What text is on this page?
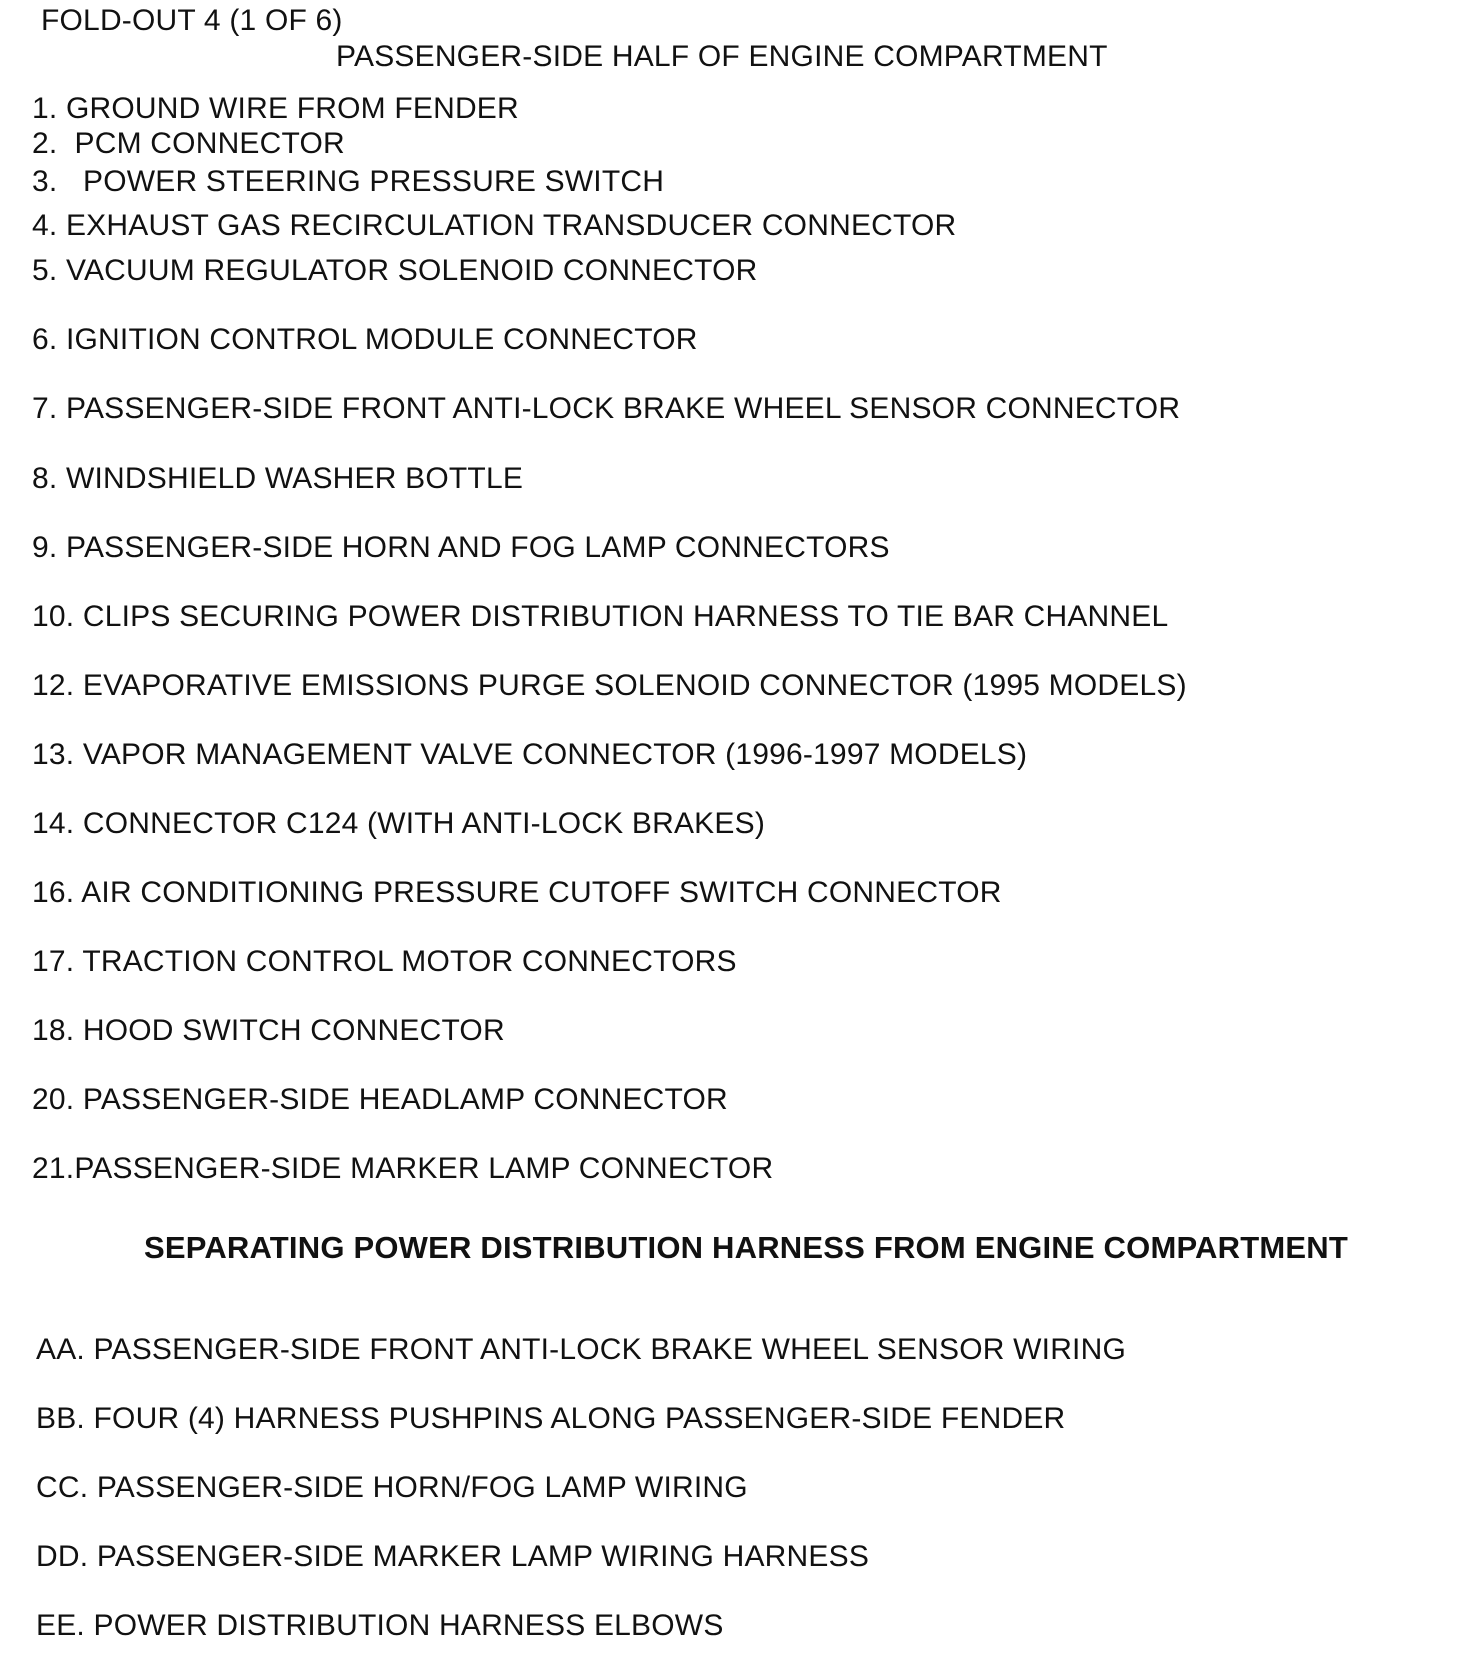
FOLD-OUT 4 (1 OF 6)
PASSENGER-SIDE HALF OF ENGINE COMPARTMENT
1. GROUND WIRE FROM FENDER
2. PCM CONNECTOR
3. POWER STEERING PRESSURE SWITCH
4. EXHAUST GAS RECIRCULATION TRANSDUCER CONNECTOR
5. VACUUM REGULATOR SOLENOID CONNECTOR
6. IGNITION CONTROL MODULE CONNECTOR
7. PASSENGER-SIDE FRONT ANTI-LOCK BRAKE WHEEL SENSOR CONNECTOR
8. WINDSHIELD WASHER BOTTLE
9. PASSENGER-SIDE HORN AND FOG LAMP CONNECTORS
10. CLIPS SECURING POWER DISTRIBUTION HARNESS TO TIE BAR CHANNEL
12. EVAPORATIVE EMISSIONS PURGE SOLENOID CONNECTOR (1995 MODELS)
13. VAPOR MANAGEMENT VALVE CONNECTOR (1996-1997 MODELS)
14. CONNECTOR C124 (WITH ANTI-LOCK BRAKES)
16. AIR CONDITIONING PRESSURE CUTOFF SWITCH CONNECTOR
17. TRACTION CONTROL MOTOR CONNECTORS
18. HOOD SWITCH CONNECTOR
20. PASSENGER-SIDE HEADLAMP CONNECTOR
21.PASSENGER-SIDE MARKER LAMP CONNECTOR
SEPARATING POWER DISTRIBUTION HARNESS FROM ENGINE COMPARTMENT
AA. PASSENGER-SIDE FRONT ANTI-LOCK BRAKE WHEEL SENSOR WIRING
BB. FOUR (4) HARNESS PUSHPINS ALONG PASSENGER-SIDE FENDER
CC. PASSENGER-SIDE HORN/FOG LAMP WIRING
DD. PASSENGER-SIDE MARKER LAMP WIRING HARNESS
EE. POWER DISTRIBUTION HARNESS ELBOWS
